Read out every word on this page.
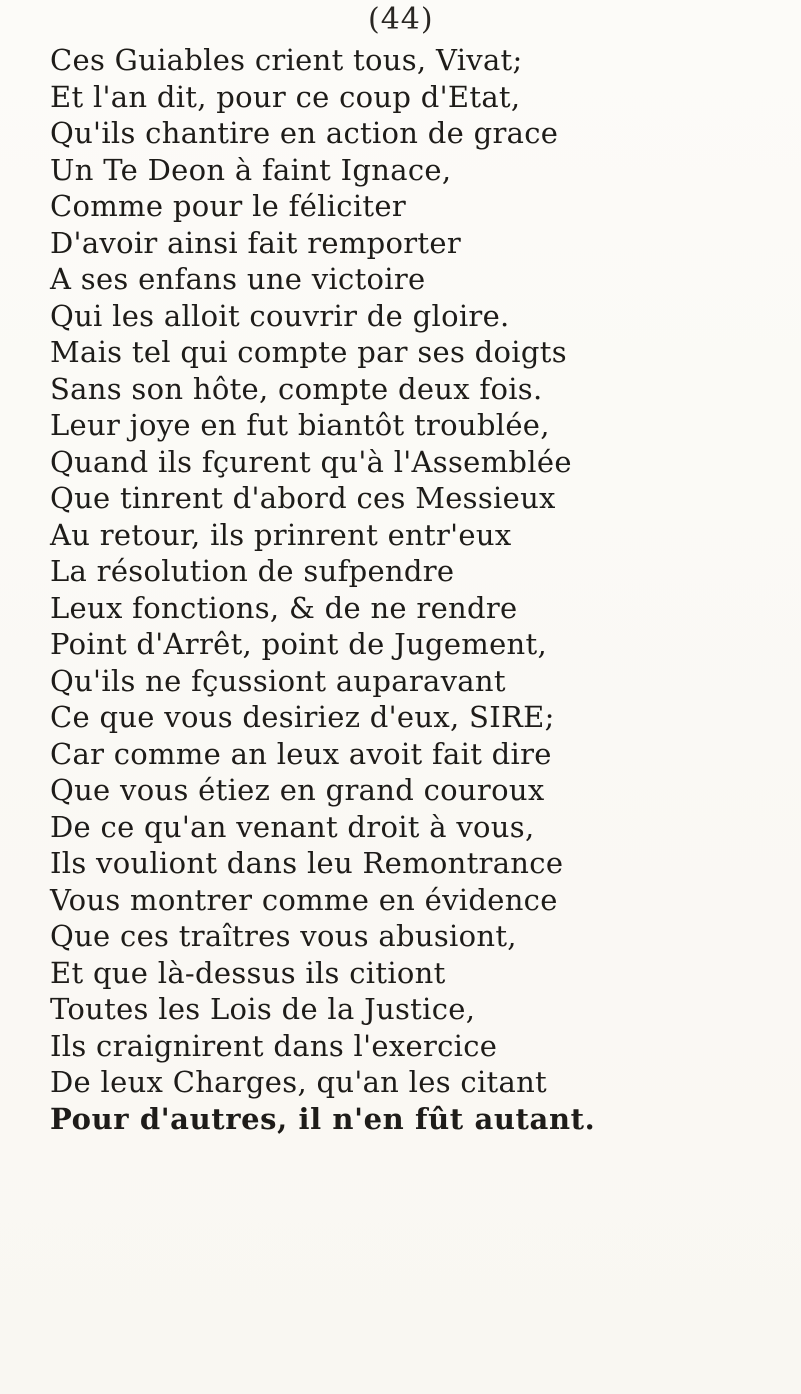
(44)
Ces Guiables crient tous, Vivat;
Et l'an dit, pour ce coup d'Etat,
Qu'ils chantire en action de grace
Un Te Deon à faint Ignace,
Comme pour le féliciter
D'avoir ainsi fait remporter
A ses enfans une victoire
Qui les alloit couvrir de gloire.
Mais tel qui compte par ses doigts
Sans son hôte, compte deux fois.
Leur joye en fut biantôt troublée,
Quand ils fçurent qu'à l'Assemblée
Que tinrent d'abord ces Messieux
Au retour, ils prinrent entr'eux
La résolution de sufpendre
Leux fonctions, & de ne rendre
Point d'Arrêt, point de Jugement,
Qu'ils ne fçussiont auparavant
Ce que vous desiriez d'eux, SIRE;
Car comme an leux avoit fait dire
Que vous étiez en grand couroux
De ce qu'an venant droit à vous,
Ils vouliont dans leu Remontrance
Vous montrer comme en évidence
Que ces traîtres vous abusiont,
Et que là-dessus ils citiont
Toutes les Lois de la Justice,
Ils craignirent dans l'exercice
De leux Charges, qu'an les citant
Pour d'autres, il n'en fût autant.
